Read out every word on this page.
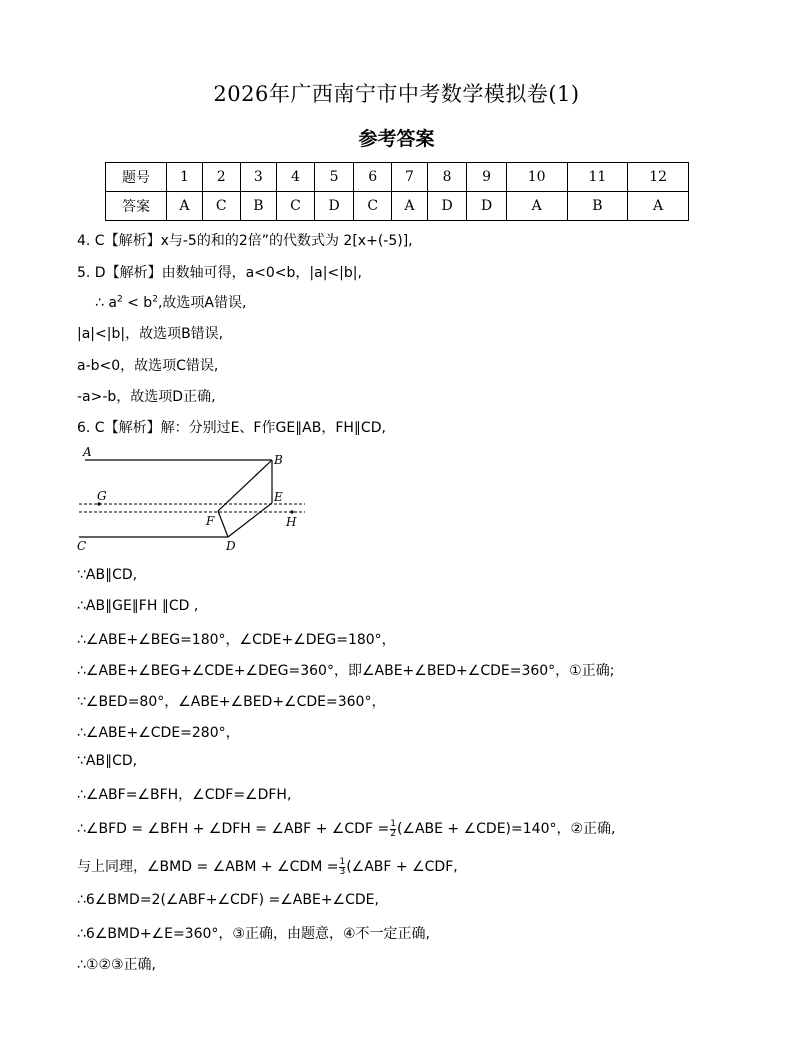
2026年广西南宁市中考数学模拟卷(1)
参考答案
题号	1	2	3	4	5	6	7	8	9	10	11	12
答案	A	C	B	C	D	C	A	D	D	A	B	A
4. C【解析】x与-5的和的2倍”的代数式为 2[x+(-5)],
5. D【解析】由数轴可得，a<0<b，|a|<|b|,
∴ $a^2 < b^2$,故选项A错误,
|a|<|b|，故选项B错误,
a-b<0，故选项C错误,
-a>-b，故选项D正确,
6. C【解析】解：分别过E、F作GE∥AB，FH∥CD,
A
B
G	E
F	H
C	D
∵AB∥CD,
∴AB∥GE∥FH ∥CD ,
∴∠ABE+∠BEG=180°，∠CDE+∠DEG=180°，
∴∠ABE+∠BEG+∠CDE+∠DEG=360°，即∠ABE+∠BED+∠CDE=360°，①正确;
∵∠BED=80°，∠ABE+∠BED+∠CDE=360°，
∴∠ABE+∠CDE=280°，
∵AB∥CD,
∴∠ABF=∠BFH，∠CDF=∠DFH,
∴∠BFD = ∠BFH + ∠DFH = ∠ABF + ∠CDF = $\frac{1}{2}$ (∠ABE + ∠CDE)=140°，②正确,
与上同理，∠BMD = ∠ABM + ∠CDM = $\frac{1}{3}$ (∠ABF + ∠CDF,
∴6∠BMD=2(∠ABF+∠CDF) =∠ABE+∠CDE,
∴6∠BMD+∠E=360°，③正确，由题意，④不一定正确,
∴①②③正确,
